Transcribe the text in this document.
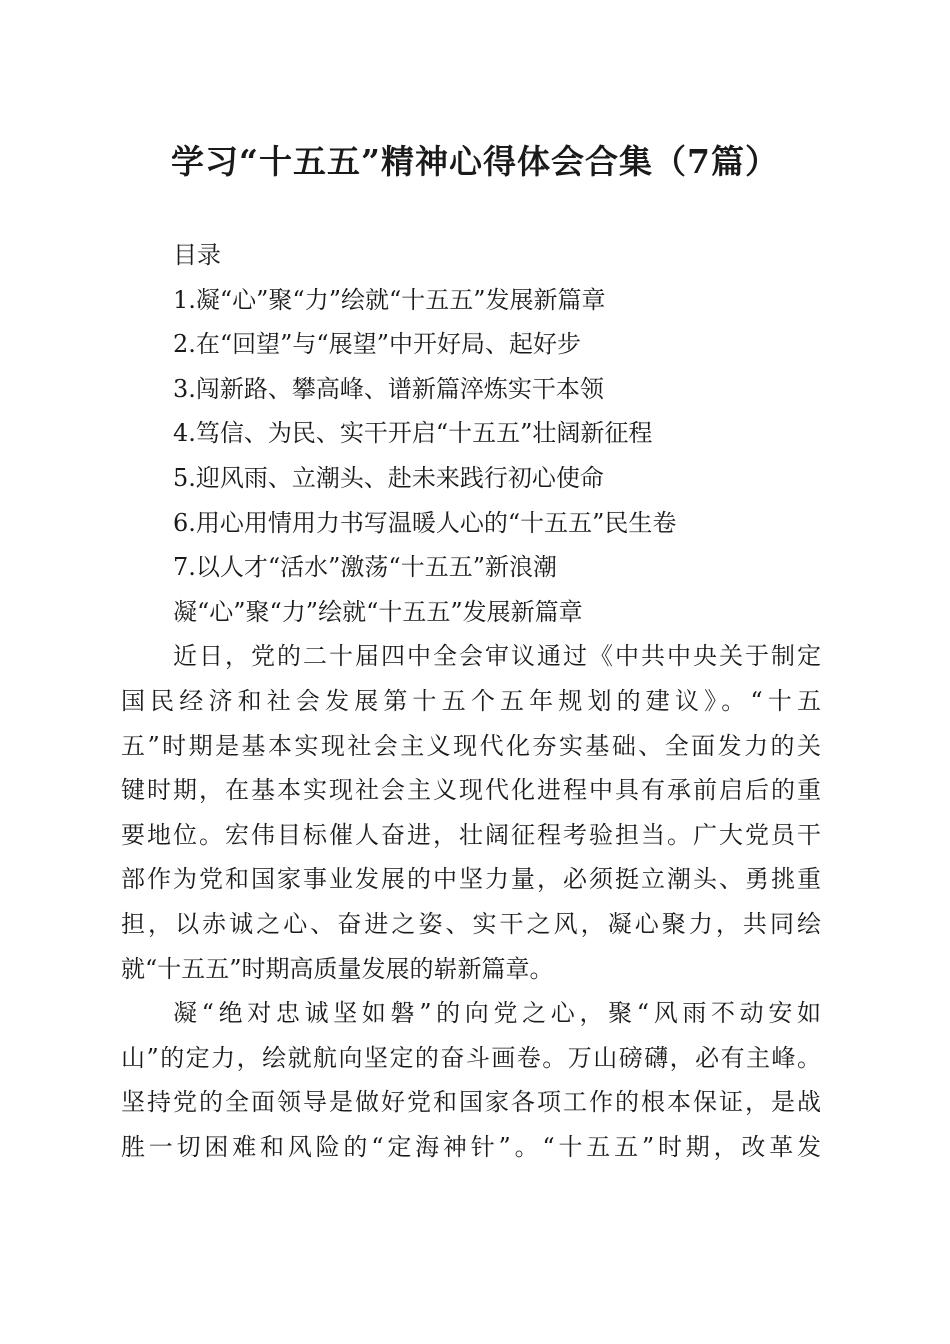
学习“十五五”精神心得体会合集（7篇）
目录
1.凝“心”聚“力”绘就“十五五”发展新篇章
2.在“回望”与“展望”中开好局、起好步
3.闯新路、攀高峰、谱新篇淬炼实干本领
4.笃信、为民、实干开启“十五五”壮阔新征程
5.迎风雨、立潮头、赴未来践行初心使命
6.用心用情用力书写温暖人心的“十五五”民生卷
7.以人才“活水”激荡“十五五”新浪潮
凝“心”聚“力”绘就“十五五”发展新篇章
近日，党的二十届四中全会审议通过《中共中央关于制定
国民经济和社会发展第十五个五年规划的建议》。“十五
五”时期是基本实现社会主义现代化夯实基础、全面发力的关
键时期，在基本实现社会主义现代化进程中具有承前启后的重
要地位。宏伟目标催人奋进，壮阔征程考验担当。广大党员干
部作为党和国家事业发展的中坚力量，必须挺立潮头、勇挑重
担，以赤诚之心、奋进之姿、实干之风，凝心聚力，共同绘
就“十五五”时期高质量发展的崭新篇章。
凝“绝对忠诚坚如磐”的向党之心，聚“风雨不动安如
山”的定力，绘就航向坚定的奋斗画卷。万山磅礴，必有主峰。
坚持党的全面领导是做好党和国家各项工作的根本保证，是战
胜一切困难和风险的“定海神针”。“十五五”时期，改革发
